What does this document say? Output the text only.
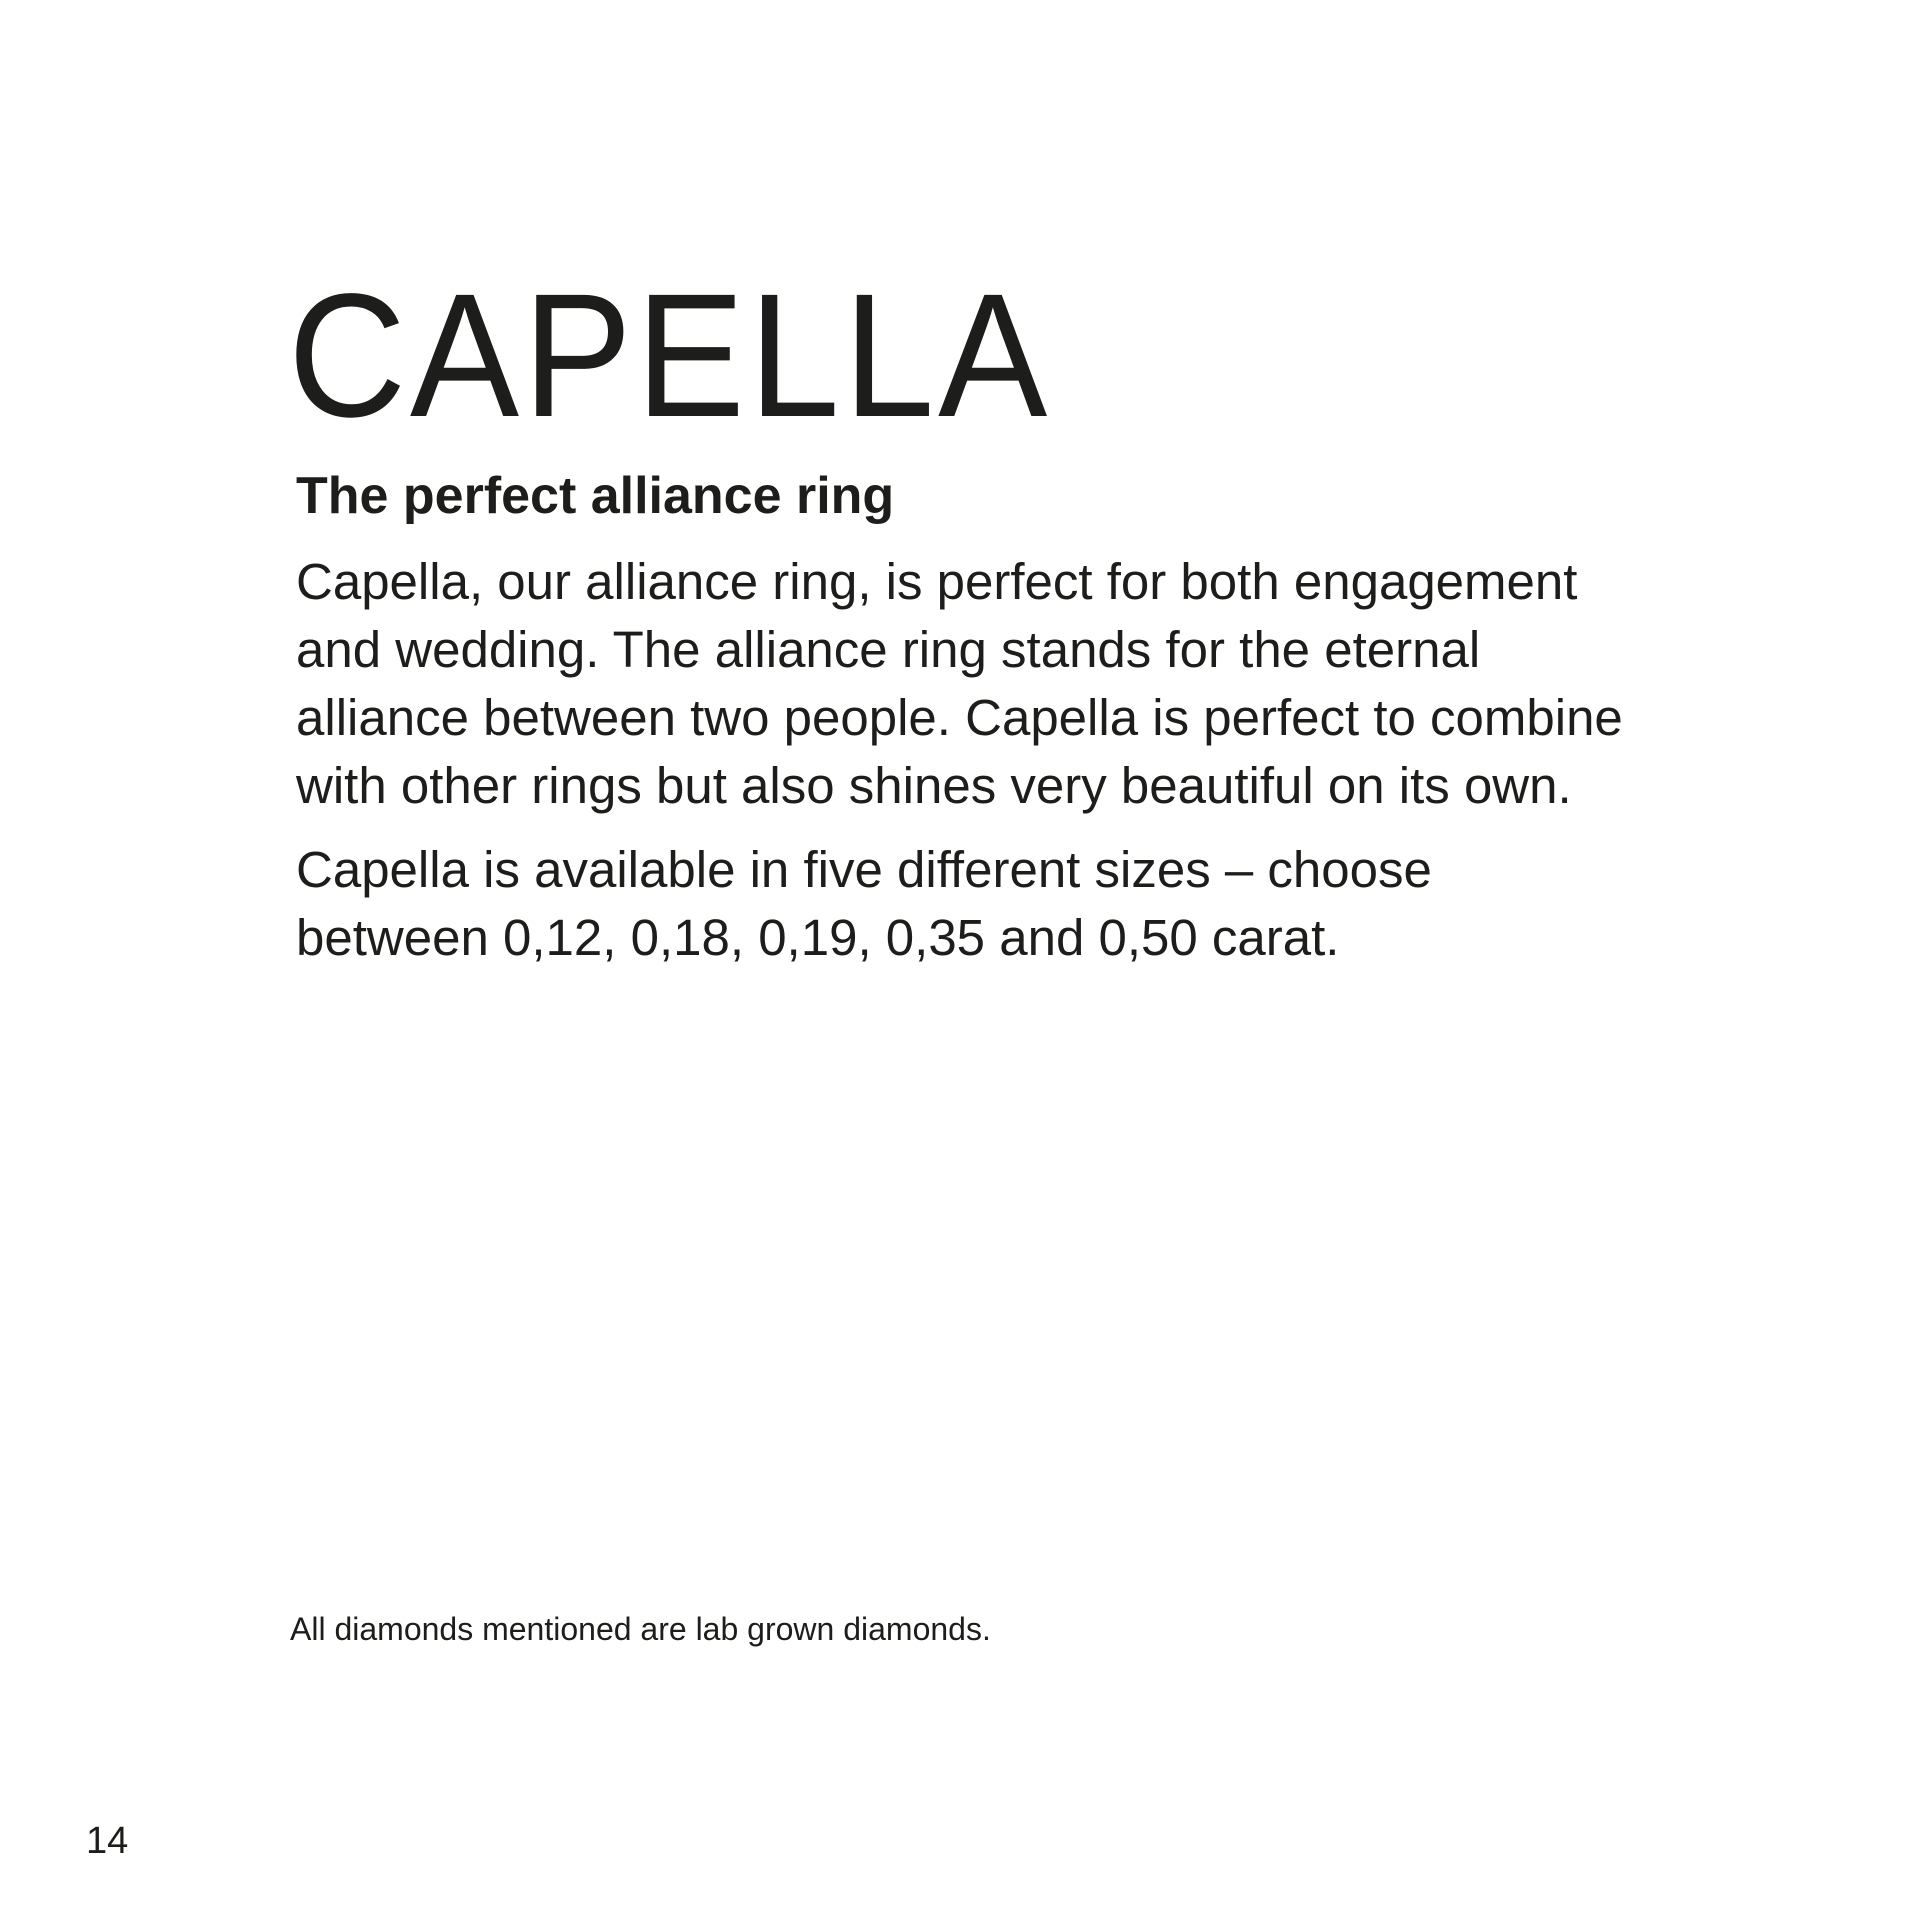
CAPELLA
The perfect alliance ring

Capella, our alliance ring, is perfect for both engagement and wedding. The alliance ring stands for the eternal alliance between two people. Capella is perfect to combine with other rings but also shines very beautiful on its own.

Capella is available in five different sizes – choose between 0,12, 0,18, 0,19, 0,35 and 0,50 carat.

All diamonds mentioned are lab grown diamonds.

14
